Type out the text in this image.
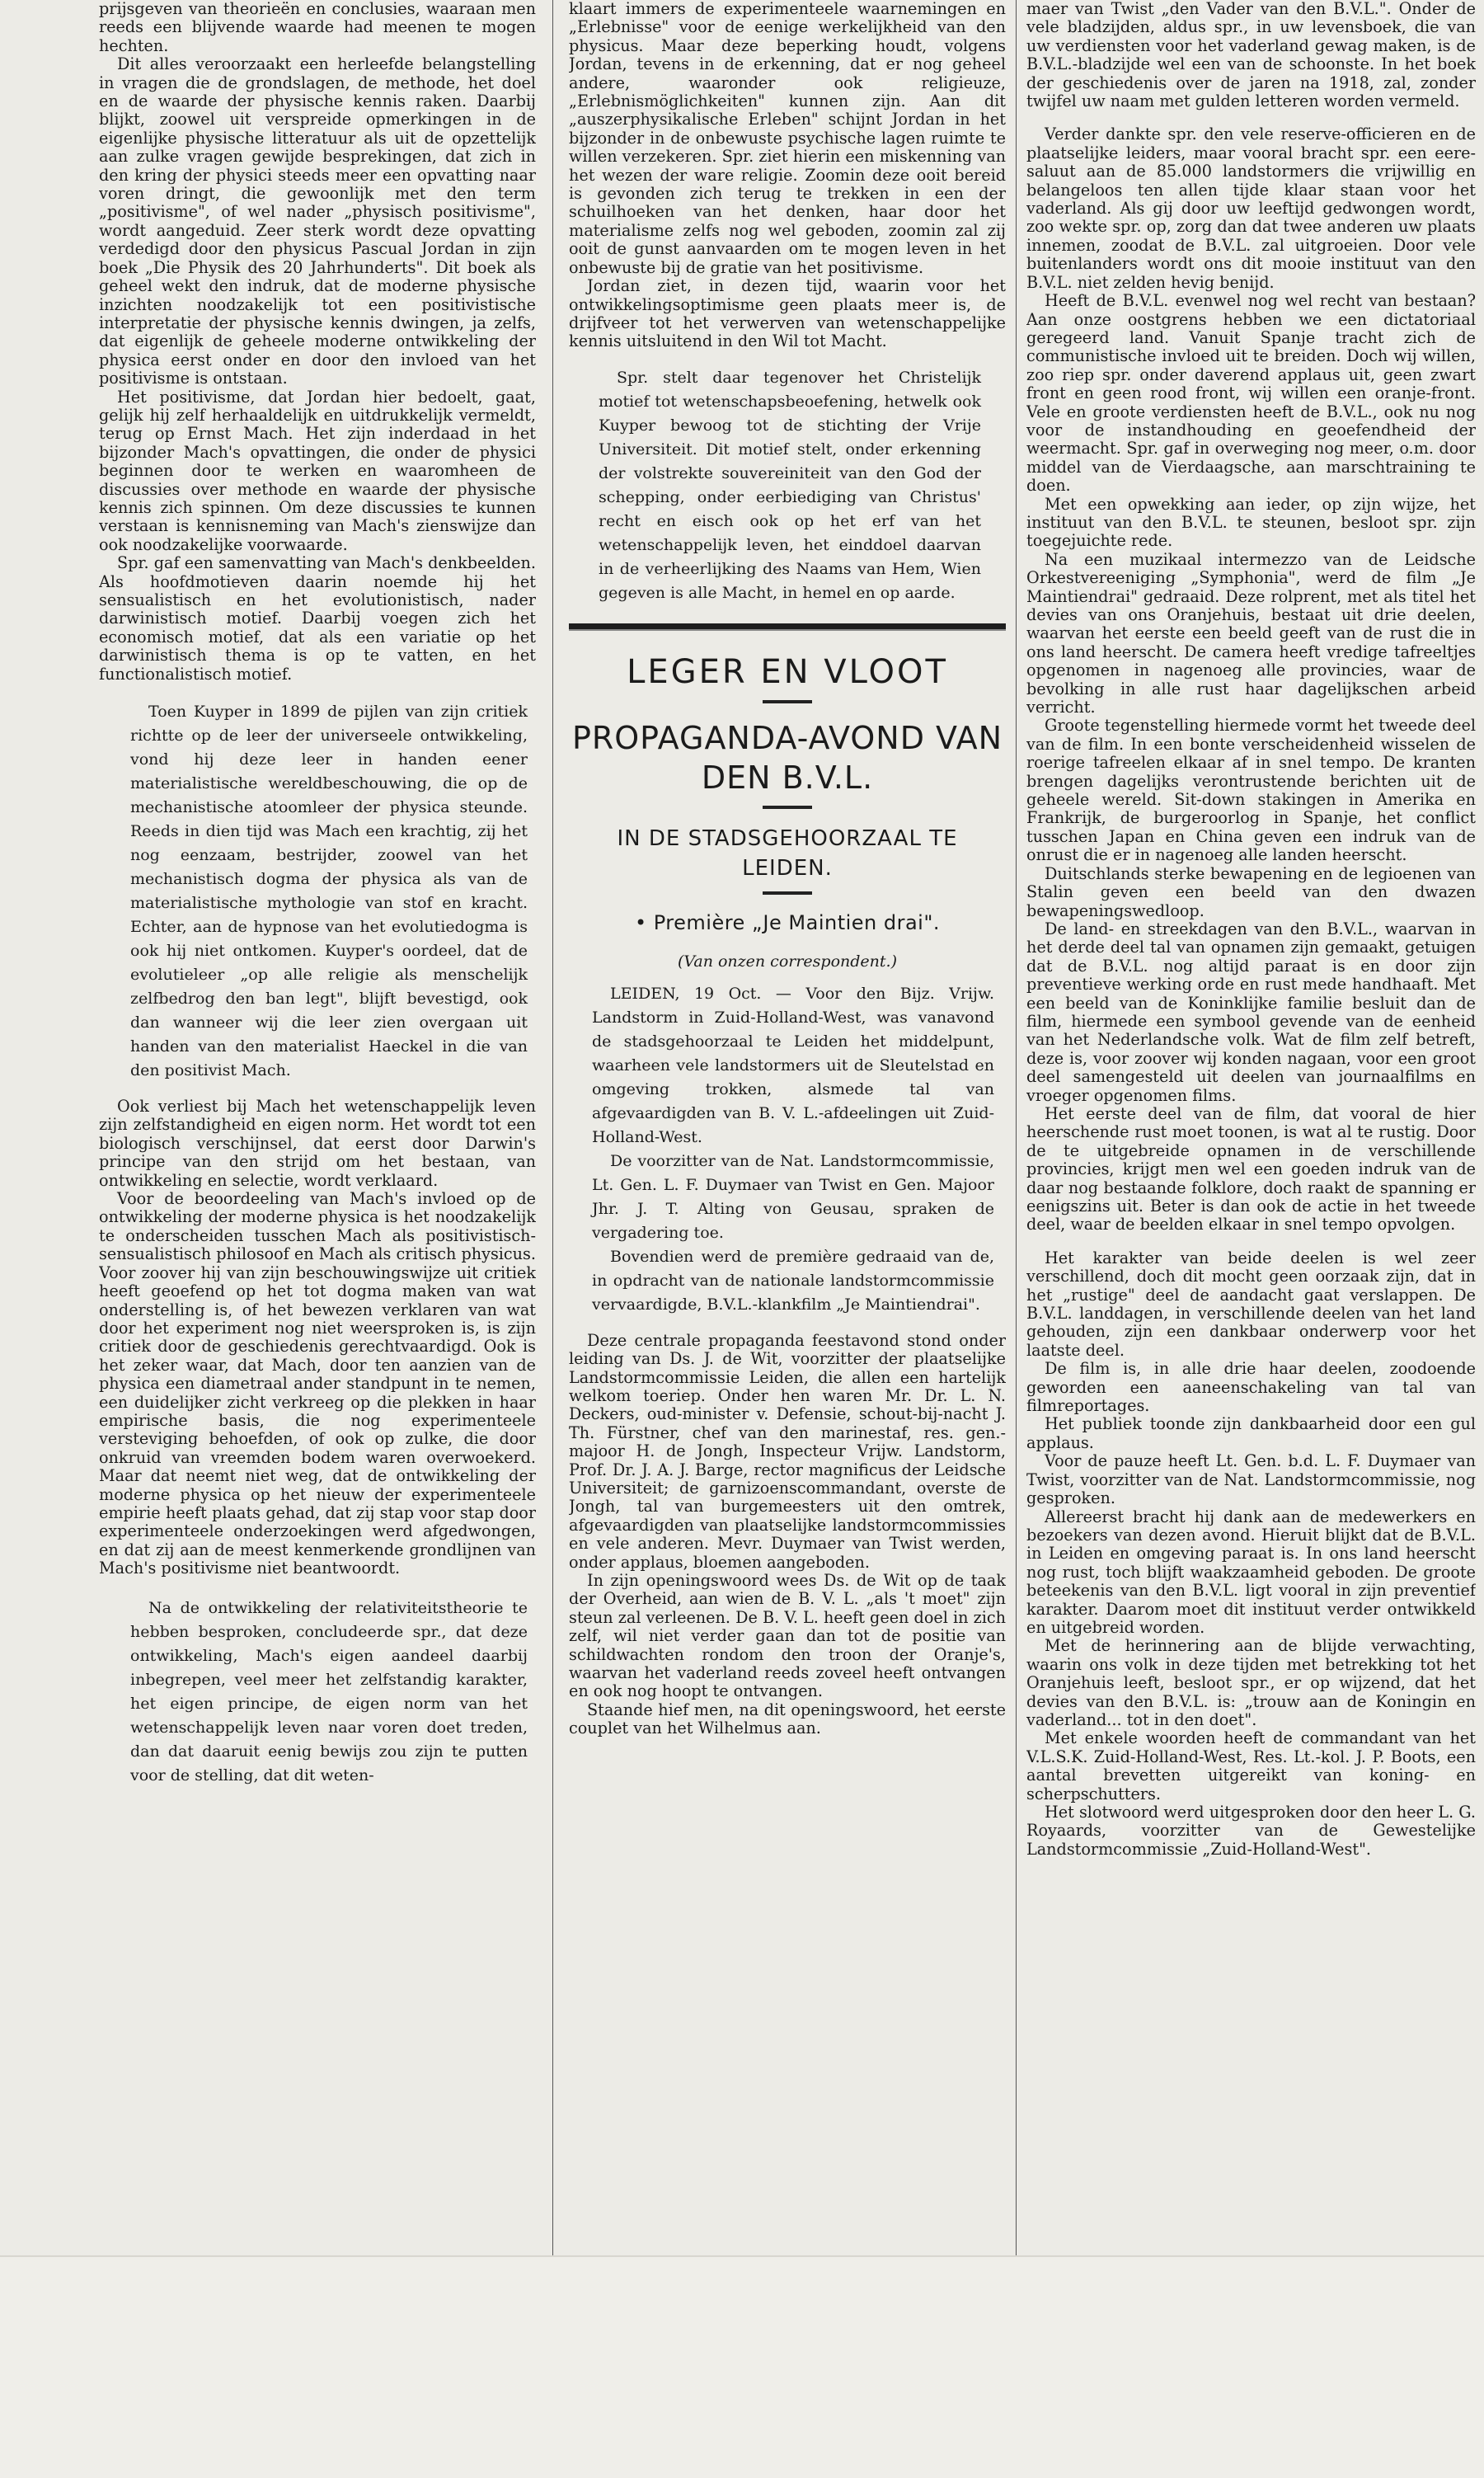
prijsgeven van theorieën en conclusies, waaraan men reeds een blijvende waarde had meenen te mogen hechten.

Dit alles veroorzaakt een herleefde belangstelling in vragen die de grondslagen, de methode, het doel en de waarde der physische kennis raken. Daarbij blijkt, zoowel uit verspreide opmerkingen in de eigenlijke physische litteratuur als uit de opzettelijk aan zulke vragen gewijde besprekingen, dat zich in den kring der physici steeds meer een opvatting naar voren dringt, die gewoonlijk met den term „positivisme", of wel nader „physisch positivisme", wordt aangeduid. Zeer sterk wordt deze opvatting verdedigd door den physicus Pascual Jordan in zijn boek „Die Physik des 20 Jahrhunderts". Dit boek als geheel wekt den indruk, dat de moderne physische inzichten noodzakelijk tot een positivistische interpretatie der physische kennis dwingen, ja zelfs, dat eigenlijk de geheele moderne ontwikkeling der physica eerst onder en door den invloed van het positivisme is ontstaan.

Het positivisme, dat Jordan hier bedoelt, gaat, gelijk hij zelf herhaaldelijk en uitdrukkelijk vermeldt, terug op Ernst Mach. Het zijn inderdaad in het bijzonder Mach's opvattingen, die onder de physici beginnen door te werken en waaromheen de discussies over methode en waarde der physische kennis zich spinnen. Om deze discussies te kunnen verstaan is kennisneming van Mach's zienswijze dan ook noodzakelijke voorwaarde.

Spr. gaf een samenvatting van Mach's denkbeelden. Als hoofdmotieven daarin noemde hij het sensualistisch en het evolutionistisch, nader darwinistisch motief. Daarbij voegen zich het economisch motief, dat als een variatie op het darwinistisch thema is op te vatten, en het functionalistisch motief.

Toen Kuyper in 1899 de pijlen van zijn critiek richtte op de leer der universeele ontwikkeling, vond hij deze leer in handen eener materialistische wereldbeschouwing, die op de mechanistische atoomleer der physica steunde. Reeds in dien tijd was Mach een krachtig, zij het nog eenzaam, bestrijder, zoowel van het mechanistisch dogma der physica als van de materialistische mythologie van stof en kracht. Echter, aan de hypnose van het evolutiedogma is ook hij niet ontkomen. Kuyper's oordeel, dat de evolutieleer „op alle religie als menschelijk zelfbedrog den ban legt", blijft bevestigd, ook dan wanneer wij die leer zien overgaan uit handen van den materialist Haeckel in die van den positivist Mach.

Ook verliest bij Mach het wetenschappelijk leven zijn zelfstandigheid en eigen norm. Het wordt tot een biologisch verschijnsel, dat eerst door Darwin's principe van den strijd om het bestaan, van ontwikkeling en selectie, wordt verklaard.

Voor de beoordeeling van Mach's invloed op de ontwikkeling der moderne physica is het noodzakelijk te onderscheiden tusschen Mach als positivistisch-sensualistisch philosoof en Mach als critisch physicus. Voor zoover hij van zijn beschouwingswijze uit critiek heeft geoefend op het tot dogma maken van wat onderstelling is, of het bewezen verklaren van wat door het experiment nog niet weersproken is, is zijn critiek door de geschiedenis gerechtvaardigd. Ook is het zeker waar, dat Mach, door ten aanzien van de physica een diametraal ander standpunt in te nemen, een duidelijker zicht verkreeg op die plekken in haar empirische basis, die nog experimenteele versteviging behoefden, of ook op zulke, die door onkruid van vreemden bodem waren overwoekerd. Maar dat neemt niet weg, dat de ontwikkeling der moderne physica op het nieuw der experimenteele empirie heeft plaats gehad, dat zij stap voor stap door experimenteele onderzoekingen werd afgedwongen, en dat zij aan de meest kenmerkende grondlijnen van Mach's positivisme niet beantwoordt.

Na de ontwikkeling der relativiteitstheorie te hebben besproken, concludeerde spr., dat deze ontwikkeling, Mach's eigen aandeel daarbij inbegrepen, veel meer het zelfstandig karakter, het eigen principe, de eigen norm van het wetenschappelijk leven naar voren doet treden, dan dat daaruit eenig bewijs zou zijn te putten voor de stelling, dat dit weten-

klaart immers de experimenteele waarnemingen en „Erlebnisse" voor de eenige werkelijkheid van den physicus. Maar deze beperking houdt, volgens Jordan, tevens in de erkenning, dat er nog geheel andere, waaronder ook religieuze, „Erlebnismöglichkeiten" kunnen zijn. Aan dit „auszerphysikalische Erleben" schijnt Jordan in het bijzonder in de onbewuste psychische lagen ruimte te willen verzekeren. Spr. ziet hierin een miskenning van het wezen der ware religie. Zoomin deze ooit bereid is gevonden zich terug te trekken in een der schuilhoeken van het denken, haar door het materialisme zelfs nog wel geboden, zoomin zal zij ooit de gunst aanvaarden om te mogen leven in het onbewuste bij de gratie van het positivisme.

Jordan ziet, in dezen tijd, waarin voor het ontwikkelingsoptimisme geen plaats meer is, de drijfveer tot het verwerven van wetenschappelijke kennis uitsluitend in den Wil tot Macht.

Spr. stelt daar tegenover het Christelijk motief tot wetenschapsbeoefening, hetwelk ook Kuyper bewoog tot de stichting der Vrije Universiteit. Dit motief stelt, onder erkenning der volstrekte souvereiniteit van den God der schepping, onder eerbiediging van Christus' recht en eisch ook op het erf van het wetenschappelijk leven, het einddoel daarvan in de verheerlijking des Naams van Hem, Wien gegeven is alle Macht, in hemel en op aarde.

LEGER EN VLOOT
PROPAGANDA-AVOND VAN DEN B.V.L.
IN DE STADSGEHOORZAAL TE LEIDEN.
• Première „Je Maintien drai".
(Van onzen correspondent.)

LEIDEN, 19 Oct. — Voor den Bijz. Vrijw. Landstorm in Zuid-Holland-West, was vanavond de stadsgehoorzaal te Leiden het middelpunt, waarheen vele landstormers uit de Sleutelstad en omgeving trokken, alsmede tal van afgevaardigden van B. V. L.-afdeelingen uit Zuid-Holland-West.

De voorzitter van de Nat. Landstormcommissie, Lt. Gen. L. F. Duymaer van Twist en Gen. Majoor Jhr. J. T. Alting von Geusau, spraken de vergadering toe.

Bovendien werd de première gedraaid van de, in opdracht van de nationale landstormcommissie vervaardigde, B.V.L.-klankfilm „Je Maintiendrai".

Deze centrale propaganda feestavond stond onder leiding van Ds. J. de Wit, voorzitter der plaatselijke Landstormcommissie Leiden, die allen een hartelijk welkom toeriep. Onder hen waren Mr. Dr. L. N. Deckers, oud-minister v. Defensie, schout-bij-nacht J. Th. Fürstner, chef van den marinestaf, res. gen.-majoor H. de Jongh, Inspecteur Vrijw. Landstorm, Prof. Dr. J. A. J. Barge, rector magnificus der Leidsche Universiteit; de garnizoenscommandant, overste de Jongh, tal van burgemeesters uit den omtrek, afgevaardigden van plaatselijke landstormcommissies en vele anderen. Mevr. Duymaer van Twist werden, onder applaus, bloemen aangeboden.

In zijn openingswoord wees Ds. de Wit op de taak der Overheid, aan wien de B. V. L. „als 't moet" zijn steun zal verleenen. De B. V. L. heeft geen doel in zich zelf, wil niet verder gaan dan tot de positie van schildwachten rondom den troon der Oranje's, waarvan het vaderland reeds zoveel heeft ontvangen en ook nog hoopt te ontvangen.

Staande hief men, na dit openingswoord, het eerste couplet van het Wilhelmus aan.

maer van Twist „den Vader van den B.V.L.". Onder de vele bladzijden, aldus spr., in uw levensboek, die van uw verdiensten voor het vaderland gewag maken, is de B.V.L.-bladzijde wel een van de schoonste. In het boek der geschiedenis over de jaren na 1918, zal, zonder twijfel uw naam met gulden letteren worden vermeld.

Verder dankte spr. den vele reserve-officieren en de plaatselijke leiders, maar vooral bracht spr. een eere-saluut aan de 85.000 landstormers die vrijwillig en belangeloos ten allen tijde klaar staan voor het vaderland. Als gij door uw leeftijd gedwongen wordt, zoo wekte spr. op, zorg dan dat twee anderen uw plaats innemen, zoodat de B.V.L. zal uitgroeien. Door vele buitenlanders wordt ons dit mooie instituut van den B.V.L. niet zelden hevig benijd.

Heeft de B.V.L. evenwel nog wel recht van bestaan? Aan onze oostgrens hebben we een dictatoriaal geregeerd land. Vanuit Spanje tracht zich de communistische invloed uit te breiden. Doch wij willen, zoo riep spr. onder daverend applaus uit, geen zwart front en geen rood front, wij willen een oranje-front. Vele en groote verdiensten heeft de B.V.L., ook nu nog voor de instandhouding en geoefendheid der weermacht. Spr. gaf in overweging nog meer, o.m. door middel van de Vierdaagsche, aan marschtraining te doen.

Met een opwekking aan ieder, op zijn wijze, het instituut van den B.V.L. te steunen, besloot spr. zijn toegejuichte rede.

Na een muzikaal intermezzo van de Leidsche Orkestvereeniging „Symphonia", werd de film „Je Maintiendrai" gedraaid. Deze rolprent, met als titel het devies van ons Oranjehuis, bestaat uit drie deelen, waarvan het eerste een beeld geeft van de rust die in ons land heerscht. De camera heeft vredige tafreeltjes opgenomen in nagenoeg alle provincies, waar de bevolking in alle rust haar dagelijkschen arbeid verricht.

Groote tegenstelling hiermede vormt het tweede deel van de film. In een bonte verscheidenheid wisselen de roerige tafreelen elkaar af in snel tempo. De kranten brengen dagelijks verontrustende berichten uit de geheele wereld. Sit-down stakingen in Amerika en Frankrijk, de burgeroorlog in Spanje, het conflict tusschen Japan en China geven een indruk van de onrust die er in nagenoeg alle landen heerscht.

Duitschlands sterke bewapening en de legioenen van Stalin geven een beeld van den dwazen bewapeningswedloop.

De land- en streekdagen van den B.V.L., waarvan in het derde deel tal van opnamen zijn gemaakt, getuigen dat de B.V.L. nog altijd paraat is en door zijn preventieve werking orde en rust mede handhaaft. Met een beeld van de Koninklijke familie besluit dan de film, hiermede een symbool gevende van de eenheid van het Nederlandsche volk. Wat de film zelf betreft, deze is, voor zoover wij konden nagaan, voor een groot deel samengesteld uit deelen van journaalfilms en vroeger opgenomen films.

Het eerste deel van de film, dat vooral de hier heerschende rust moet toonen, is wat al te rustig. Door de te uitgebreide opnamen in de verschillende provincies, krijgt men wel een goeden indruk van de daar nog bestaande folklore, doch raakt de spanning er eenigszins uit. Beter is dan ook de actie in het tweede deel, waar de beelden elkaar in snel tempo opvolgen.

Het karakter van beide deelen is wel zeer verschillend, doch dit mocht geen oorzaak zijn, dat in het „rustige" deel de aandacht gaat verslappen. De B.V.L. landdagen, in verschillende deelen van het land gehouden, zijn een dankbaar onderwerp voor het laatste deel.

De film is, in alle drie haar deelen, zoodoende geworden een aaneenschakeling van tal van filmreportages.

Het publiek toonde zijn dankbaarheid door een gul applaus.

Voor de pauze heeft Lt. Gen. b.d. L. F. Duymaer van Twist, voorzitter van de Nat. Landstormcommissie, nog gesproken.

Allereerst bracht hij dank aan de medewerkers en bezoekers van dezen avond. Hieruit blijkt dat de B.V.L. in Leiden en omgeving paraat is. In ons land heerscht nog rust, toch blijft waakzaamheid geboden. De groote beteekenis van den B.V.L. ligt vooral in zijn preventief karakter. Daarom moet dit instituut verder ontwikkeld en uitgebreid worden.

Met de herinnering aan de blijde verwachting, waarin ons volk in deze tijden met betrekking tot het Oranjehuis leeft, besloot spr., er op wijzend, dat het devies van den B.V.L. is: „trouw aan de Koningin en vaderland... tot in den doet".

Met enkele woorden heeft de commandant van het V.L.S.K. Zuid-Holland-West, Res. Lt.-kol. J. P. Boots, een aantal brevetten uitgereikt van koning- en scherpschutters.

Het slotwoord werd uitgesproken door den heer L. G. Royaards, voorzitter van de Gewestelijke Landstormcommissie „Zuid-Holland-West".
